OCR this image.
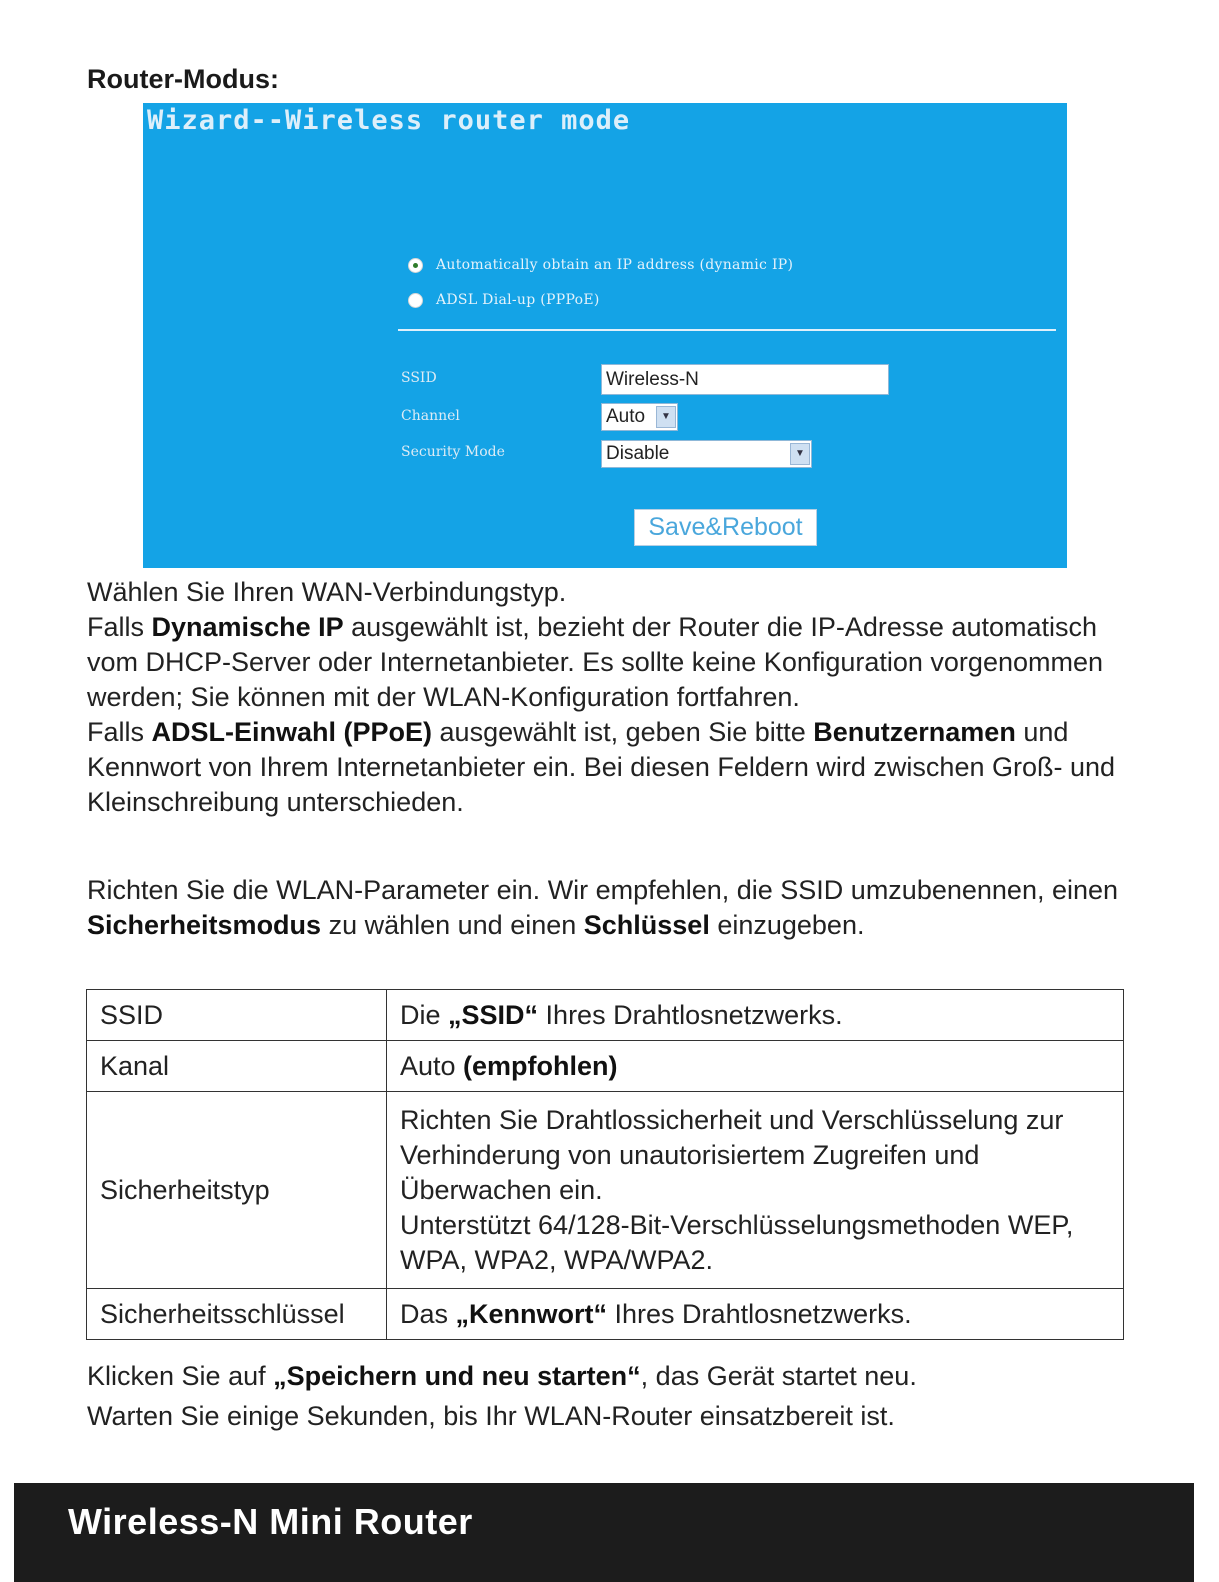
Router-Modus:
Wizard--Wireless router mode
Automatically obtain an IP address (dynamic IP)
ADSL Dial-up (PPPoE)
SSID	Wireless-N
Channel	Auto	▼
Security Mode	Disable	▼
Save&Reboot
Wählen Sie Ihren WAN-Verbindungstyp.
Falls Dynamische IP ausgewählt ist, bezieht der Router die IP-Adresse automatisch vom DHCP-Server oder Internetanbieter. Es sollte keine Konfiguration vorgenommen werden; Sie können mit der WLAN-Konfiguration fortfahren.
Falls ADSL-Einwahl (PPoE) ausgewählt ist, geben Sie bitte Benutzernamen und Kennwort von Ihrem Internetanbieter ein. Bei diesen Feldern wird zwischen Groß- und Kleinschreibung unterschieden.
Richten Sie die WLAN-Parameter ein. Wir empfehlen, die SSID umzubenennen, einen Sicherheitsmodus zu wählen und einen Schlüssel einzugeben.
SSID	Die „SSID“ Ihres Drahtlosnetzwerks.
Kanal	Auto (empfohlen)
Sicherheitstyp	Richten Sie Drahtlossicherheit und Verschlüsselung zur Verhinderung von unautorisiertem Zugreifen und Überwachen ein.
Unterstützt 64/128-Bit-Verschlüsselungsmethoden WEP, WPA, WPA2, WPA/WPA2.
Sicherheitsschlüssel	Das „Kennwort“ Ihres Drahtlosnetzwerks.
Klicken Sie auf „Speichern und neu starten“, das Gerät startet neu.
Warten Sie einige Sekunden, bis Ihr WLAN-Router einsatzbereit ist.
Wireless-N Mini Router
